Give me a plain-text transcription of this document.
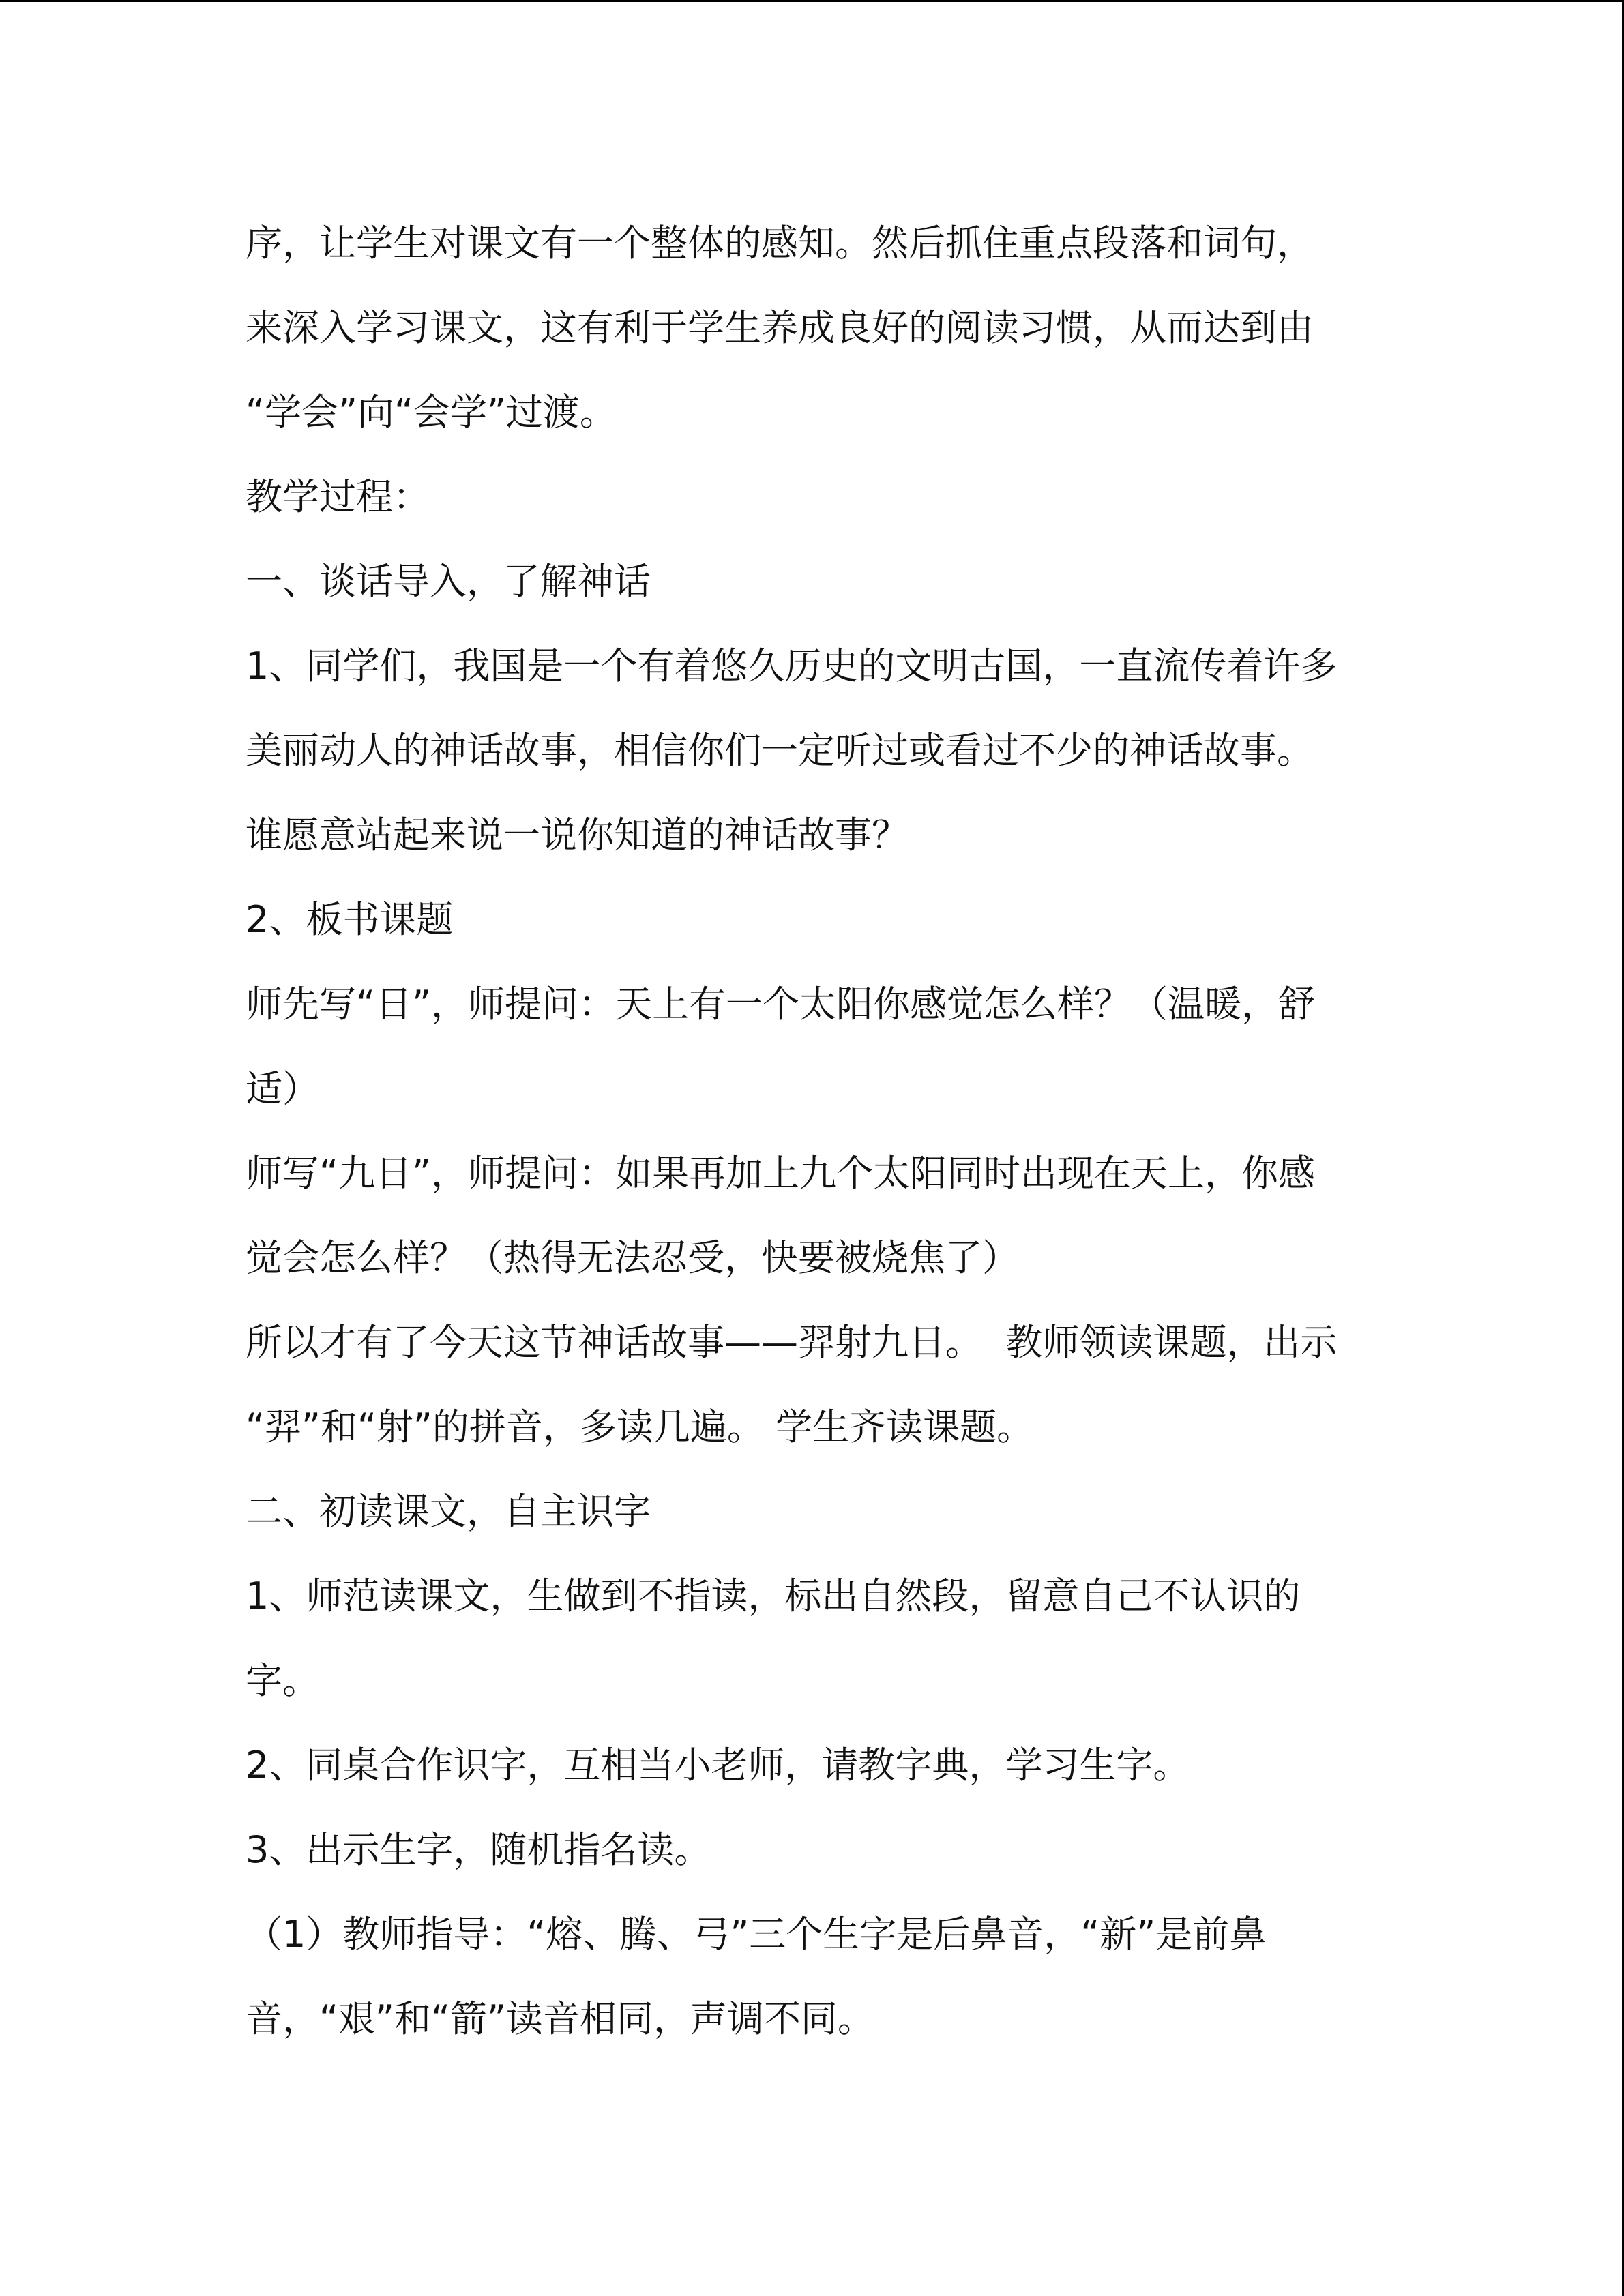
序，让学生对课文有一个整体的感知。然后抓住重点段落和词句，

来深入学习课文，这有利于学生养成良好的阅读习惯，从而达到由

“学会”向“会学”过渡。

教学过程：

一、谈话导入，了解神话

1、同学们，我国是一个有着悠久历史的文明古国，一直流传着许多

美丽动人的神话故事，相信你们一定听过或看过不少的神话故事。

谁愿意站起来说一说你知道的神话故事？

2、板书课题

师先写“日”，师提问：天上有一个太阳你感觉怎么样？（温暖，舒

适）

师写“九日”，师提问：如果再加上九个太阳同时出现在天上，你感

觉会怎么样？（热得无法忍受，快要被烧焦了）

所以才有了今天这节神话故事——羿射九日。  教师领读课题，出示

“羿”和“射”的拼音，多读几遍。 学生齐读课题。

二、初读课文，自主识字

1、师范读课文，生做到不指读，标出自然段，留意自己不认识的

字。

2、同桌合作识字，互相当小老师，请教字典，学习生字。

3、出示生字，随机指名读。

（1）教师指导：“熔、腾、弓”三个生字是后鼻音，“新”是前鼻

音，“艰”和“箭”读音相同，声调不同。
